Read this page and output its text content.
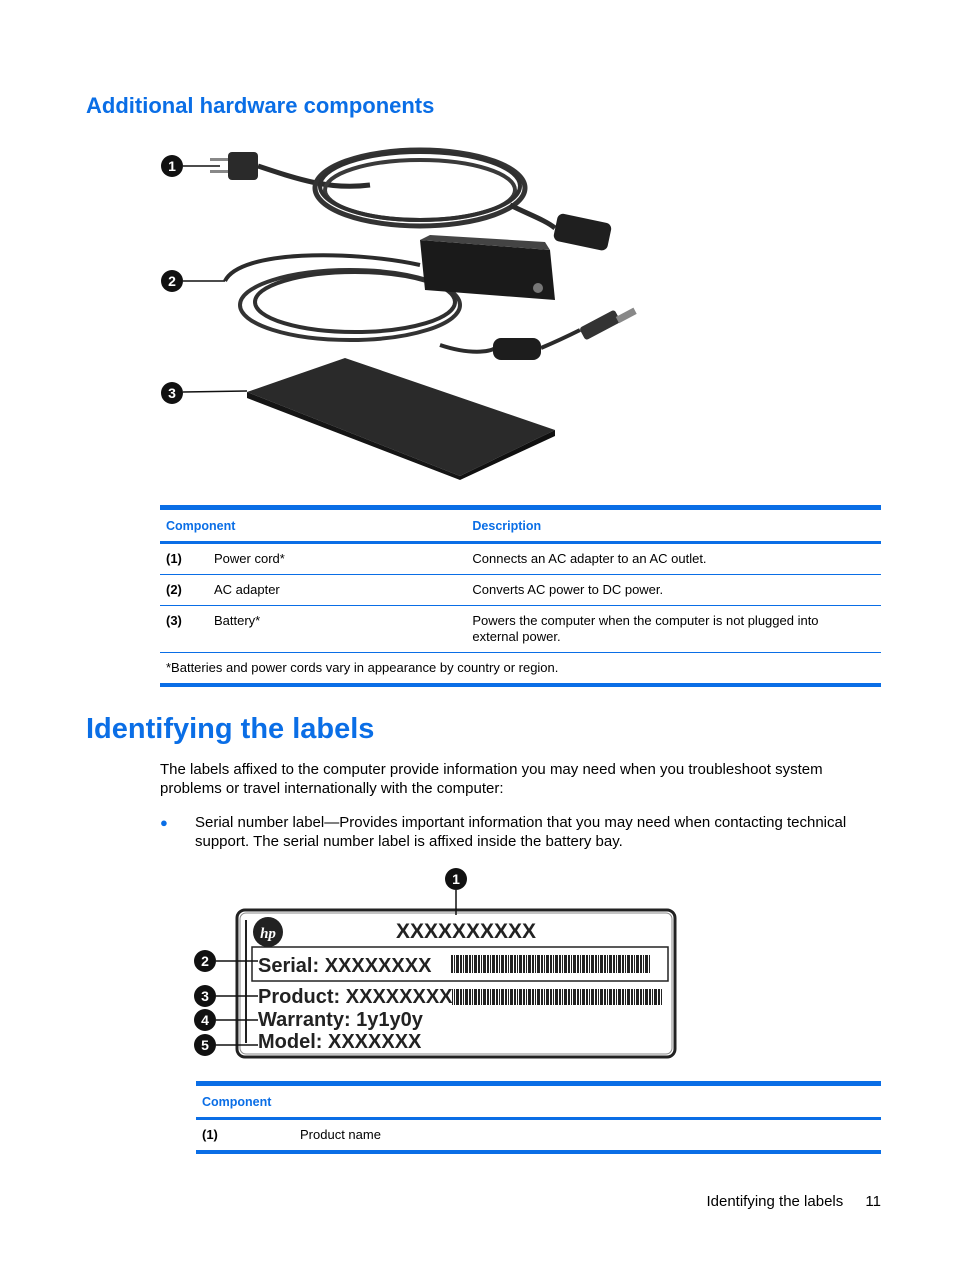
Additional hardware components
1
2
3
Component		Description
(1)	Power cord*	Connects an AC adapter to an AC outlet.
(2)	AC adapter	Converts AC power to DC power.
(3)	Battery*	Powers the computer when the computer is not plugged into external power.
*Batteries and power cords vary in appearance by country or region.		
Identifying the labels

The labels affixed to the computer provide information you may need when you troubleshoot system problems or travel internationally with the computer:

● Serial number label—Provides important information that you may need when contacting technical support. The serial number label is affixed inside the battery bay.
hp	XXXXXXXXXX
Serial: XXXXXXXX
Product: XXXXXXXX
Warranty: 1y1y0y
Model: XXXXXXX
1
2
3
4
5
Component
(1)	Product name
Identifying the labels 11
